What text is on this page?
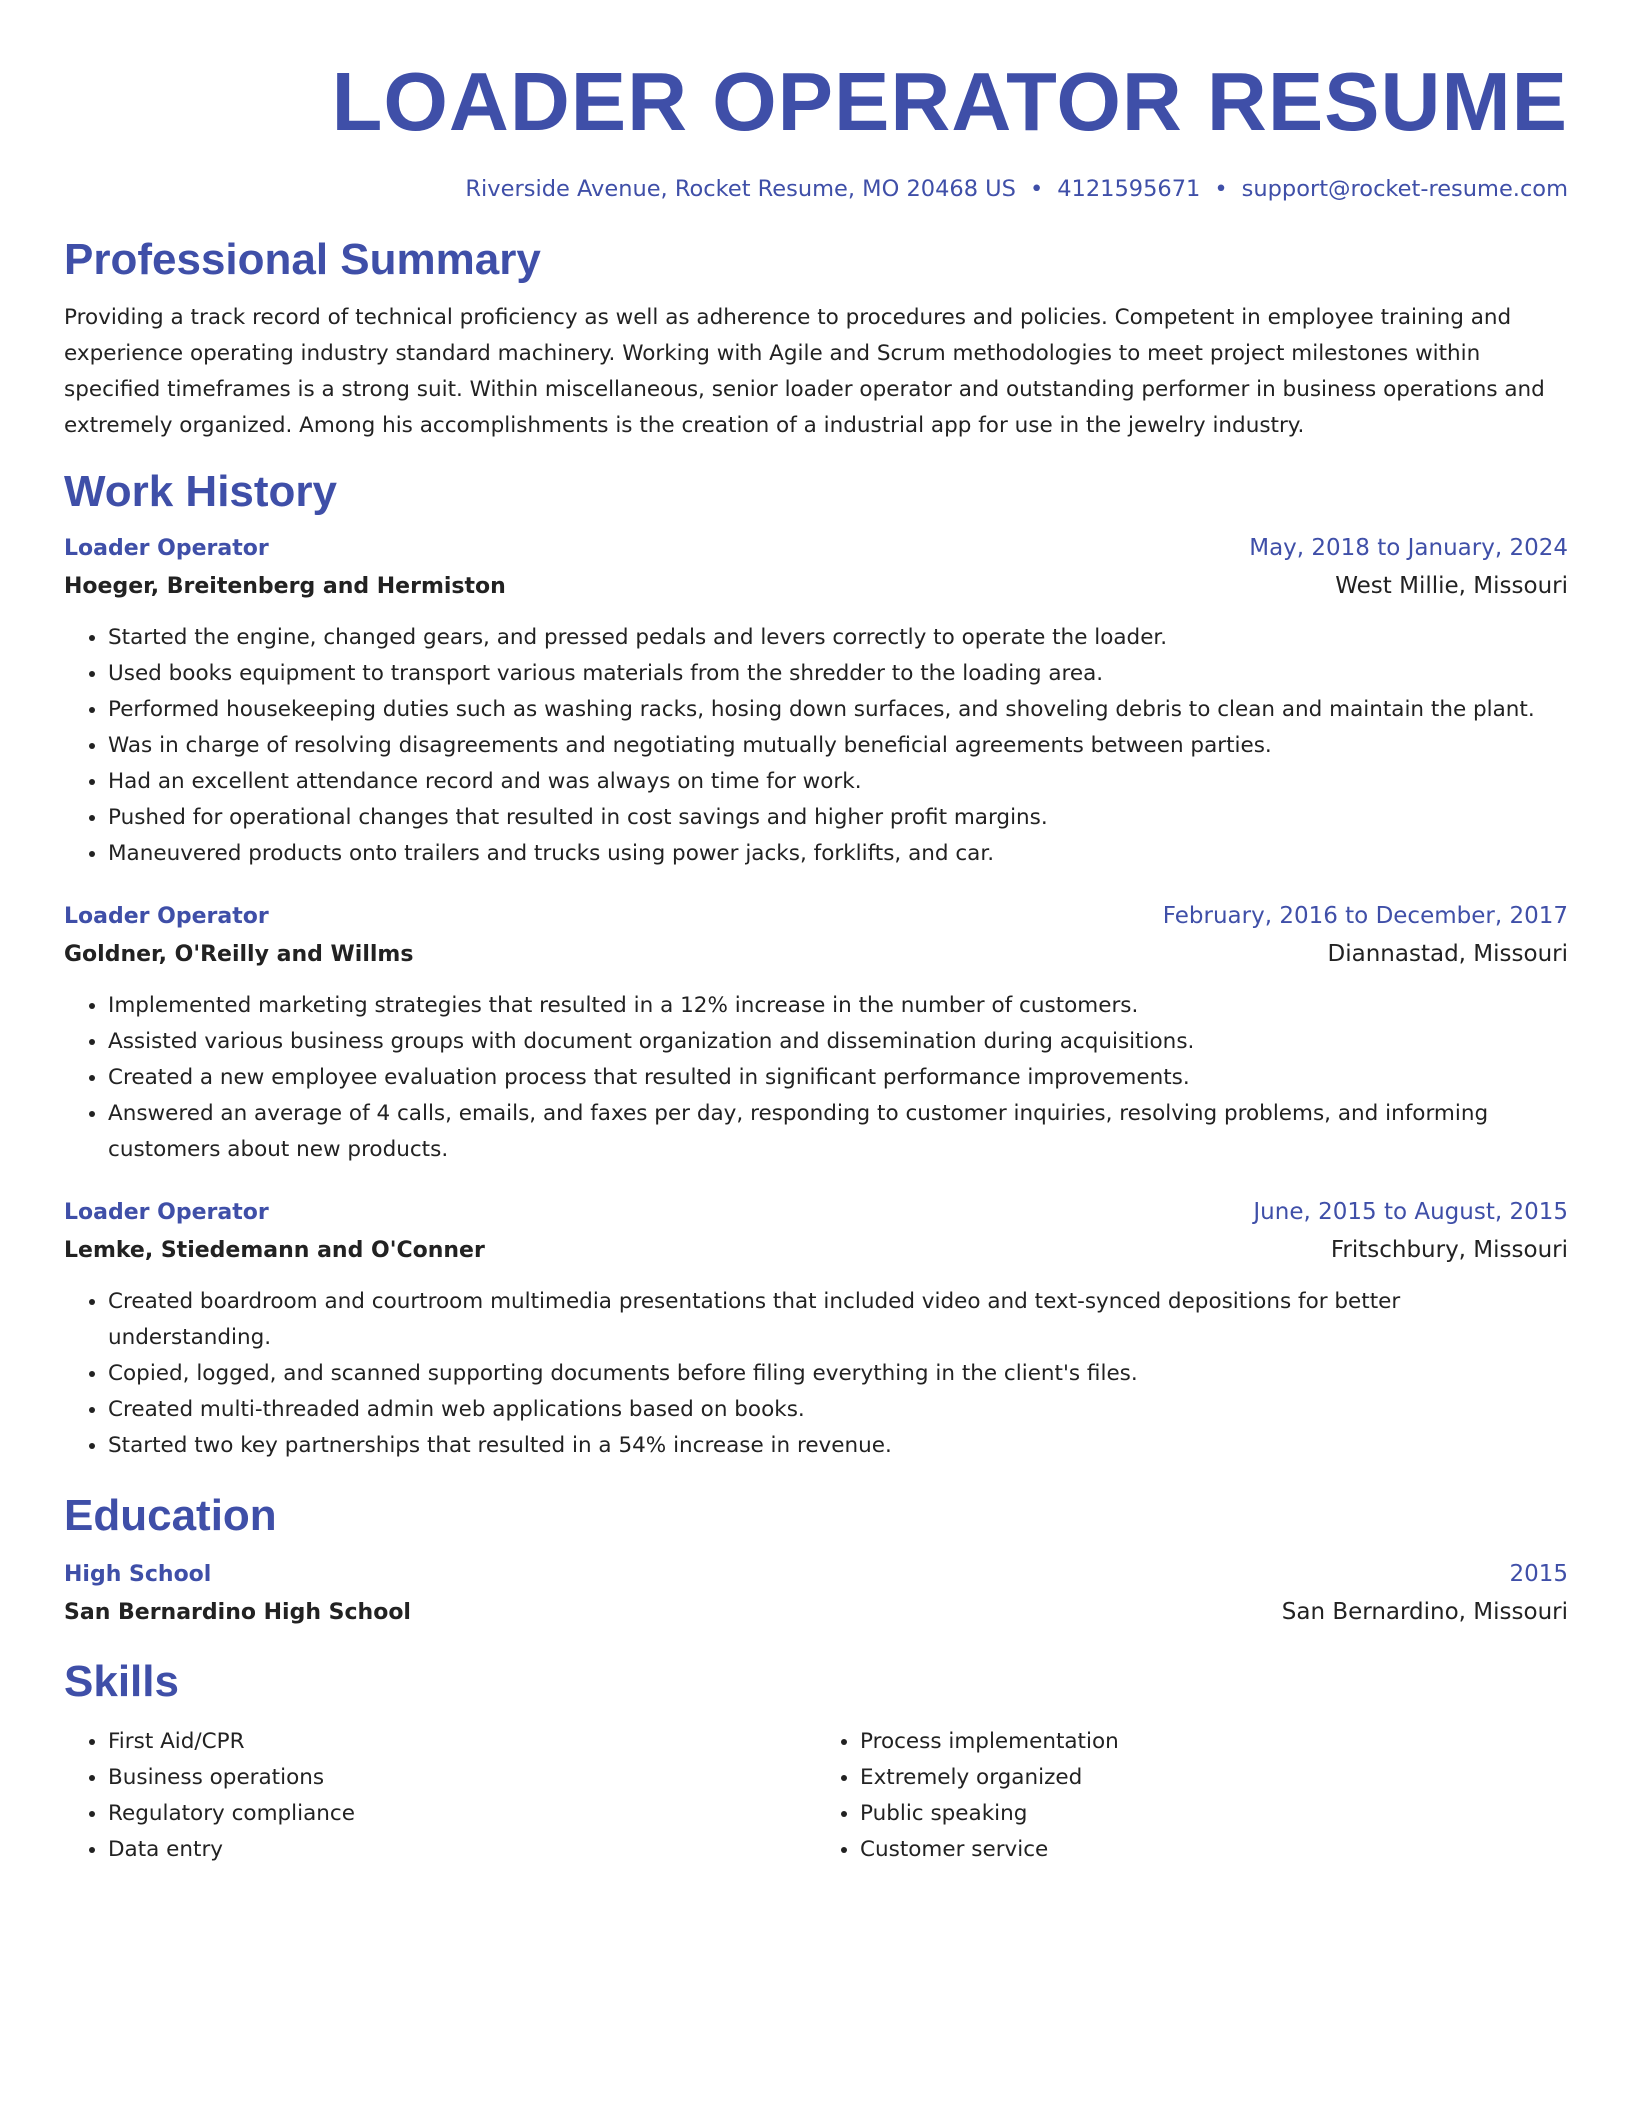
LOADER OPERATOR RESUME
Riverside Avenue, Rocket Resume, MO 20468 US • 4121595671 • support@rocket-resume.com
Professional Summary
Providing a track record of technical proficiency as well as adherence to procedures and policies. Competent in employee training and experience operating industry standard machinery. Working with Agile and Scrum methodologies to meet project milestones within specified timeframes is a strong suit. Within miscellaneous, senior loader operator and outstanding performer in business operations and extremely organized. Among his accomplishments is the creation of a industrial app for use in the jewelry industry.
Work History
Loader Operator	May, 2018 to January, 2024
Hoeger, Breitenberg and Hermiston	West Millie, Missouri
• Started the engine, changed gears, and pressed pedals and levers correctly to operate the loader.
• Used books equipment to transport various materials from the shredder to the loading area.
• Performed housekeeping duties such as washing racks, hosing down surfaces, and shoveling debris to clean and maintain the plant.
• Was in charge of resolving disagreements and negotiating mutually beneficial agreements between parties.
• Had an excellent attendance record and was always on time for work.
• Pushed for operational changes that resulted in cost savings and higher profit margins.
• Maneuvered products onto trailers and trucks using power jacks, forklifts, and car.
Loader Operator	February, 2016 to December, 2017
Goldner, O'Reilly and Willms	Diannastad, Missouri
• Implemented marketing strategies that resulted in a 12% increase in the number of customers.
• Assisted various business groups with document organization and dissemination during acquisitions.
• Created a new employee evaluation process that resulted in significant performance improvements.
• Answered an average of 4 calls, emails, and faxes per day, responding to customer inquiries, resolving problems, and informing customers about new products.
Loader Operator	June, 2015 to August, 2015
Lemke, Stiedemann and O'Conner	Fritschbury, Missouri
• Created boardroom and courtroom multimedia presentations that included video and text-synced depositions for better understanding.
• Copied, logged, and scanned supporting documents before filing everything in the client's files.
• Created multi-threaded admin web applications based on books.
• Started two key partnerships that resulted in a 54% increase in revenue.
Education
High School	2015
San Bernardino High School	San Bernardino, Missouri
Skills
• First Aid/CPR
• Business operations
• Regulatory compliance
• Data entry
• Process implementation
• Extremely organized
• Public speaking
• Customer service
